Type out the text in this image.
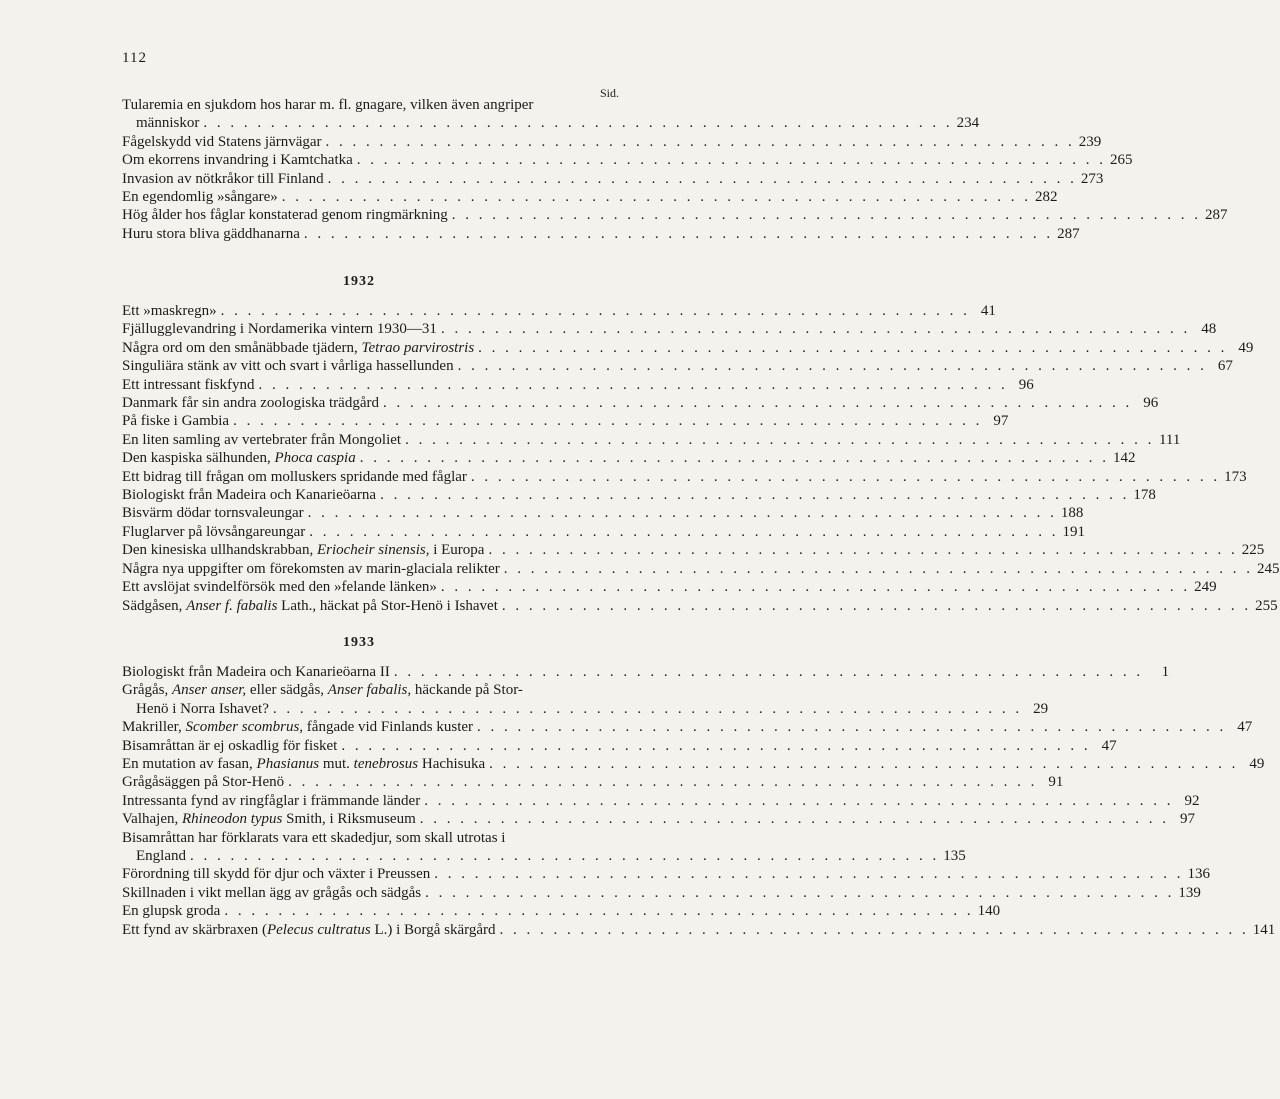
112
Sid.
Tularemia en sjukdom hos harar m. fl. gnagare, vilken även angriper
människor . . .	234
Fågelskydd vid Statens järnvägar . . .	239
Om ekorrens invandring i Kamtchatka . . .	265
Invasion av nötkråkor till Finland . . .	273
En egendomlig »sångare» . . .	282
Hög ålder hos fåglar konstaterad genom ringmärkning . . .	287
Huru stora bliva gäddhanarna . . .	287
1932
Ett »maskregn» . . .	41
Fjällugglevandring i Nordamerika vintern 1930—31 . . .	48
Några ord om den smånäbbade tjädern, Tetrao parvirostris . . .	49
Singuliära stänk av vitt och svart i vårliga hassellunden . . .	67
Ett intressant fiskfynd . . .	96
Danmark får sin andra zoologiska trädgård . . .	96
På fiske i Gambia . . .	97
En liten samling av vertebrater från Mongoliet . . .	111
Den kaspiska sälhunden, Phoca caspia . . .	142
Ett bidrag till frågan om molluskers spridande med fåglar . . .	173
Biologiskt från Madeira och Kanarieöarna . . .	178
Bisvärm dödar tornsvaleungar . . .	188
Fluglarver på lövsångareungar . . .	191
Den kinesiska ullhandskrabban, Eriocheir sinensis, i Europa . . .	225
Några nya uppgifter om förekomsten av marin-glaciala relikter . . .	245
Ett avslöjat svindelförsök med den »felande länken» . . .	249
Sädgåsen, Anser f. fabalis Lath., häckat på Stor-Henö i Ishavet . . .	255
1933
Biologiskt från Madeira och Kanarieöarna II . . .	1
Grågås, Anser anser, eller sädgås, Anser fabalis, häckande på Stor-
Henö i Norra Ishavet? . . .	29
Makriller, Scomber scombrus, fångade vid Finlands kuster . . .	47
Bisamråttan är ej oskadlig för fisket . . .	47
En mutation av fasan, Phasianus mut. tenebrosus Hachisuka . . .	49
Grågåsäggen på Stor-Henö . . .	91
Intressanta fynd av ringfåglar i främmande länder . . .	92
Valhajen, Rhineodon typus Smith, i Riksmuseum . . .	97
Bisamråttan har förklarats vara ett skadedjur, som skall utrotas i
England . . .	135
Förordning till skydd för djur och växter i Preussen . . .	136
Skillnaden i vikt mellan ägg av grågås och sädgås . . .	139
En glupsk groda . . .	140
Ett fynd av skärbraxen (Pelecus cultratus L.) i Borgå skärgård . . .	141
